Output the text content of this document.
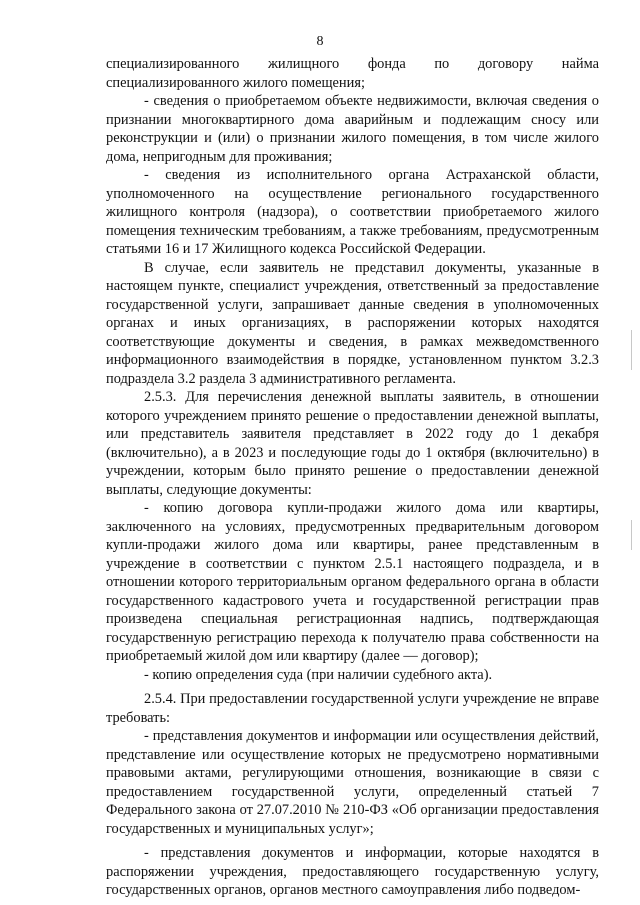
8

специализированного жилищного фонда по договору найма специализированного жилого помещения;

- сведения о приобретаемом объекте недвижимости, включая сведения о признании многоквартирного дома аварийным и подлежащим сносу или реконструкции и (или) о признании жилого помещения, в том числе жилого дома, непригодным для проживания;

- сведения из исполнительного органа Астраханской области, уполномоченного на осуществление регионального государственного жилищного контроля (надзора), о соответствии приобретаемого жилого помещения техническим требованиям, а также требованиям, предусмотренным статьями 16 и 17 Жилищного кодекса Российской Федерации.

В случае, если заявитель не представил документы, указанные в настоящем пункте, специалист учреждения, ответственный за предоставление государственной услуги, запрашивает данные сведения в уполномоченных органах и иных организациях, в распоряжении которых находятся соответствующие документы и сведения, в рамках межведомственного информационного взаимодействия в порядке, установленном пунктом 3.2.3 подраздела 3.2 раздела 3 административного регламента.

2.5.3. Для перечисления денежной выплаты заявитель, в отношении которого учреждением принято решение о предоставлении денежной выплаты, или представитель заявителя представляет в 2022 году до 1 декабря (включительно), а в 2023 и последующие годы до 1 октября (включительно) в учреждении, которым было принято решение о предоставлении денежной выплаты, следующие документы:

- копию договора купли-продажи жилого дома или квартиры, заключенного на условиях, предусмотренных предварительным договором купли-продажи жилого дома или квартиры, ранее представленным в учреждение в соответствии с пунктом 2.5.1 настоящего подраздела, и в отношении которого территориальным органом федерального органа в области государственного кадастрового учета и государственной регистрации прав произведена специальная регистрационная надпись, подтверждающая государственную регистрацию перехода к получателю права собственности на приобретаемый жилой дом или квартиру (далее — договор);

- копию определения суда (при наличии судебного акта).

2.5.4. При предоставлении государственной услуги учреждение не вправе требовать:

- представления документов и информации или осуществления действий, представление или осуществление которых не предусмотрено нормативными правовыми актами, регулирующими отношения, возникающие в связи с предоставлением государственной услуги, определенный статьей 7 Федерального закона от 27.07.2010 № 210-ФЗ «Об организации предоставления государственных и муниципальных услуг»;

- представления документов и информации, которые находятся в распоряжении учреждения, предоставляющего государственную услугу, государственных органов, органов местного самоуправления либо подведом-
